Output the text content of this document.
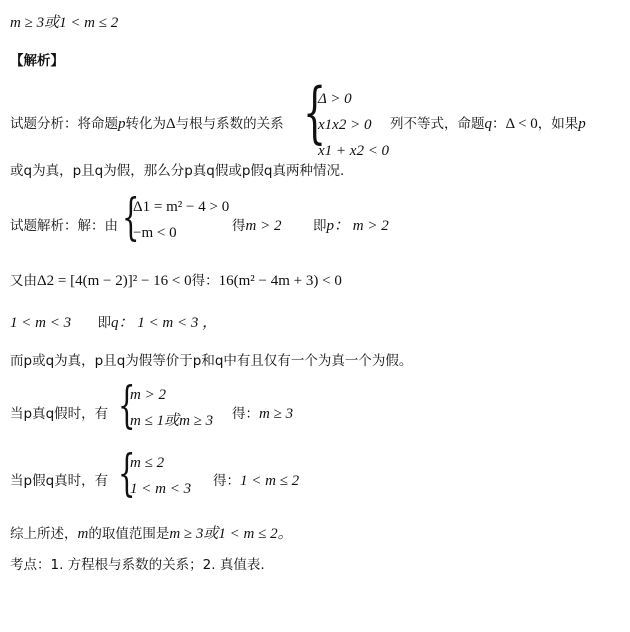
m ≥ 3或1 < m ≤ 2
【解析】
试题分析：将命题p转化为Δ与根与系数的关系 {
Δ > 0
x1x2 > 0
x1 + x2 < 0
列不等式，命题q：Δ < 0，如果p
或q为真，p且q为假，那么分p真q假或p假q真两种情况.
试题解析：解：由 {
Δ1 = m² − 4 > 0
−m < 0	得m > 2 即p： m > 2
又由Δ2 = [4(m − 2)]² − 16 < 0得：16(m² − 4m + 3) < 0
1 < m < 3 即q： 1 < m < 3 ，
而p或q为真，p且q为假等价于p和q中有且仅有一个为真一个为假。
当p真q假时，有 {
m > 2
m ≤ 1或m ≥ 3 得：m ≥ 3
当p假q真时，有 {
m ≤ 2
1 < m < 3 得：1 < m ≤ 2
综上所述，m的取值范围是m ≥ 3或1 < m ≤ 2。
考点：1. 方程根与系数的关系；2. 真值表.
